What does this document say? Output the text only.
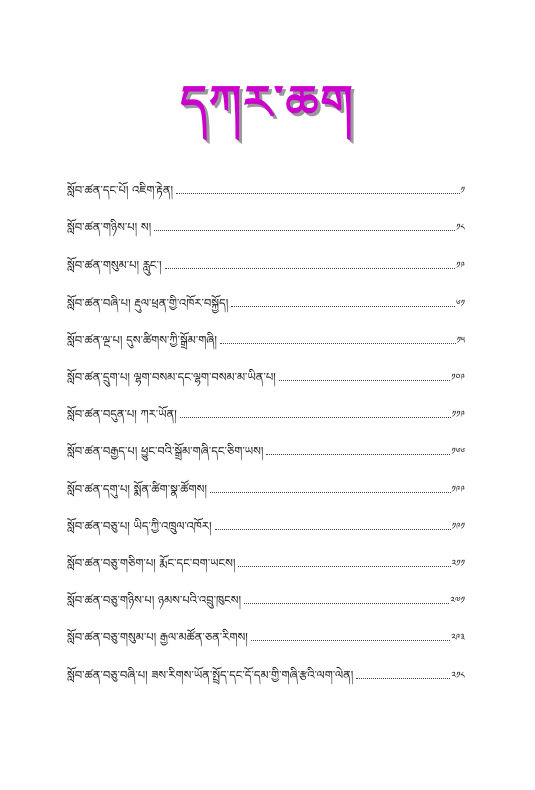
དཀར་ཆག
སློབ་ཚན་དང་པོ། འཇིག་རྟེན།	༡
སློབ་ཚན་གཉིས་པ། ས།	༡༨
སློབ་ཚན་གསུམ་པ། རླུང་།	༡༩
སློབ་ཚན་བཞི་པ། རྡུལ་ཕྲན་གྱི་འཁོར་བསྐྱོད།	༦༡
སློབ་ཚན་ལྔ་པ། དུས་ཚིགས་ཀྱི་སྒྲོམ་གཞི།	༡༥
སློབ་ཚན་དྲུག་པ། ལྷག་བསམ་དང་ལྷག་བསམ་མ་ཡིན་པ།	༡༠༩
སློབ་ཚན་བདུན་པ། ཀར་ཡོན།	༡༡༩
སློབ་ཚན་བརྒྱད་པ། ཕྱུང་བའི་སྒྲོམ་གཞི་དང་ཅིག་ཡས།	༡༦༦
སློབ་ཚན་དགུ་པ། སྨོན་ཚིག་སྣ་ཚོགས།	༡༩༩
སློབ་ཚན་བཅུ་པ། ཡིད་ཀྱི་འཁྲུལ་འཁོར།	༡༩༡
སློབ་ཚན་བཅུ་གཅིག་པ། རྨོང་དང་བག་ཡངས།	༢༡༡
སློབ་ཚན་བཅུ་གཉིས་པ། ཉམས་པའི་འབྲུ་ཁུངས།	༢༧༡
སློབ་ཚན་བཅུ་གསུམ་པ། རྒྱལ་མཚོན་ཅན་རིགས།	༢༩༣
སློབ་ཚན་བཅུ་བཞི་པ། ཟས་རིགས་ཡོན་སྤྲོད་དང་དོ་དམ་གྱི་གཞི་རྩའི་ལག་ལེན།	༢༡༨
